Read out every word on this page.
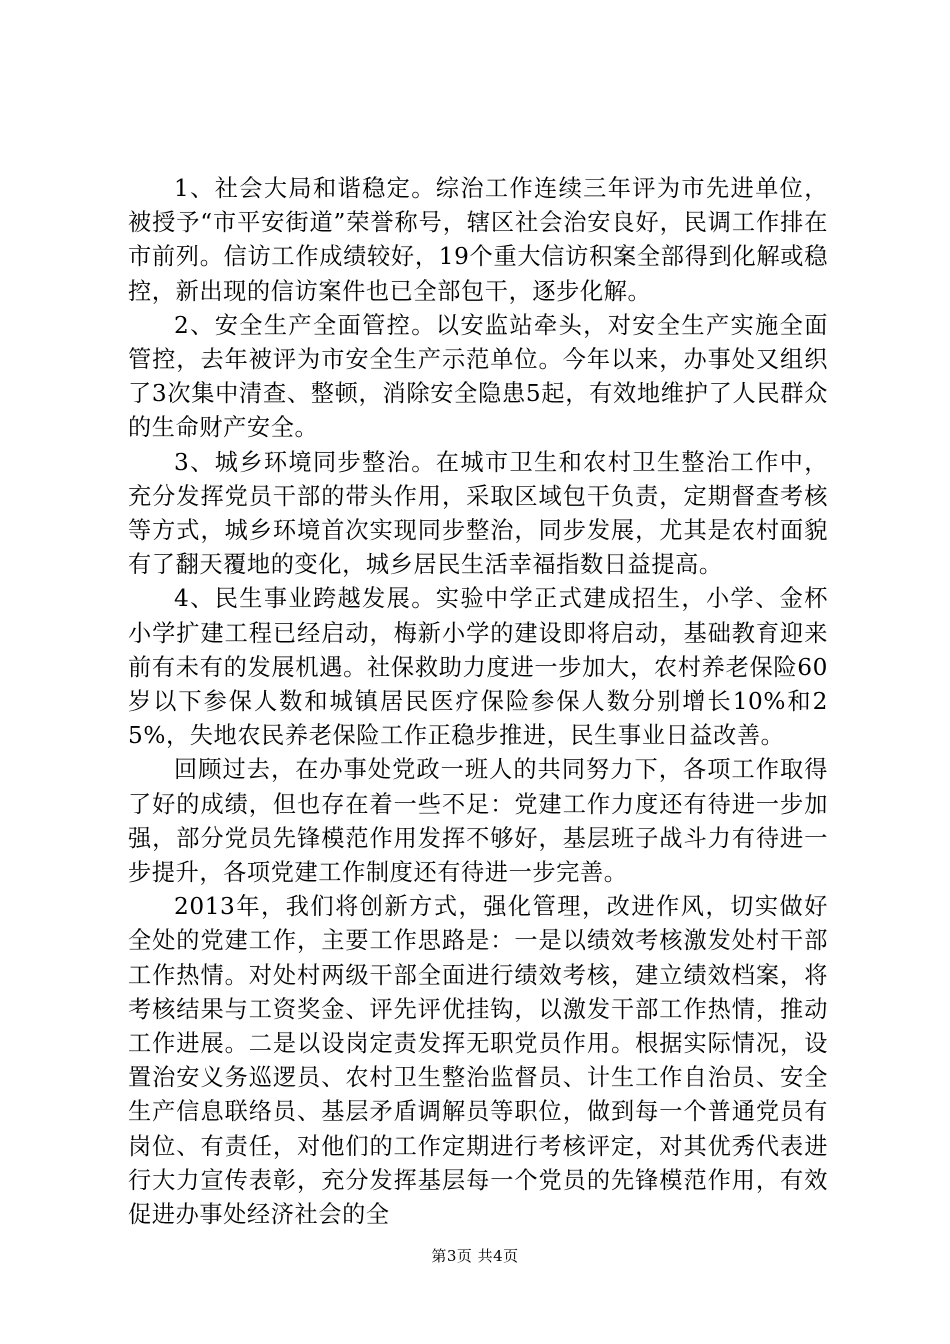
1、社会大局和谐稳定。综治工作连续三年评为市先进单位，被授予“市平安街道”荣誉称号，辖区社会治安良好，民调工作排在市前列。信访工作成绩较好，19个重大信访积案全部得到化解或稳控，新出现的信访案件也已全部包干，逐步化解。

2、安全生产全面管控。以安监站牵头，对安全生产实施全面管控，去年被评为市安全生产示范单位。今年以来，办事处又组织了3次集中清查、整顿，消除安全隐患5起，有效地维护了人民群众的生命财产安全。

3、城乡环境同步整治。在城市卫生和农村卫生整治工作中，充分发挥党员干部的带头作用，采取区域包干负责，定期督查考核等方式，城乡环境首次实现同步整治，同步发展，尤其是农村面貌有了翻天覆地的变化，城乡居民生活幸福指数日益提高。

4、民生事业跨越发展。实验中学正式建成招生，小学、金杯小学扩建工程已经启动，梅新小学的建设即将启动，基础教育迎来前有未有的发展机遇。社保救助力度进一步加大，农村养老保险60岁以下参保人数和城镇居民医疗保险参保人数分别增长10%和25%，失地农民养老保险工作正稳步推进，民生事业日益改善。

回顾过去，在办事处党政一班人的共同努力下，各项工作取得了好的成绩，但也存在着一些不足：党建工作力度还有待进一步加强，部分党员先锋模范作用发挥不够好，基层班子战斗力有待进一步提升，各项党建工作制度还有待进一步完善。

2013年，我们将创新方式，强化管理，改进作风，切实做好全处的党建工作，主要工作思路是：一是以绩效考核激发处村干部工作热情。对处村两级干部全面进行绩效考核，建立绩效档案，将考核结果与工资奖金、评先评优挂钩，以激发干部工作热情，推动工作进展。二是以设岗定责发挥无职党员作用。根据实际情况，设置治安义务巡逻员、农村卫生整治监督员、计生工作自治员、安全生产信息联络员、基层矛盾调解员等职位，做到每一个普通党员有岗位、有责任，对他们的工作定期进行考核评定，对其优秀代表进行大力宣传表彰，充分发挥基层每一个党员的先锋模范作用，有效促进办事处经济社会的全

第3页 共4页
